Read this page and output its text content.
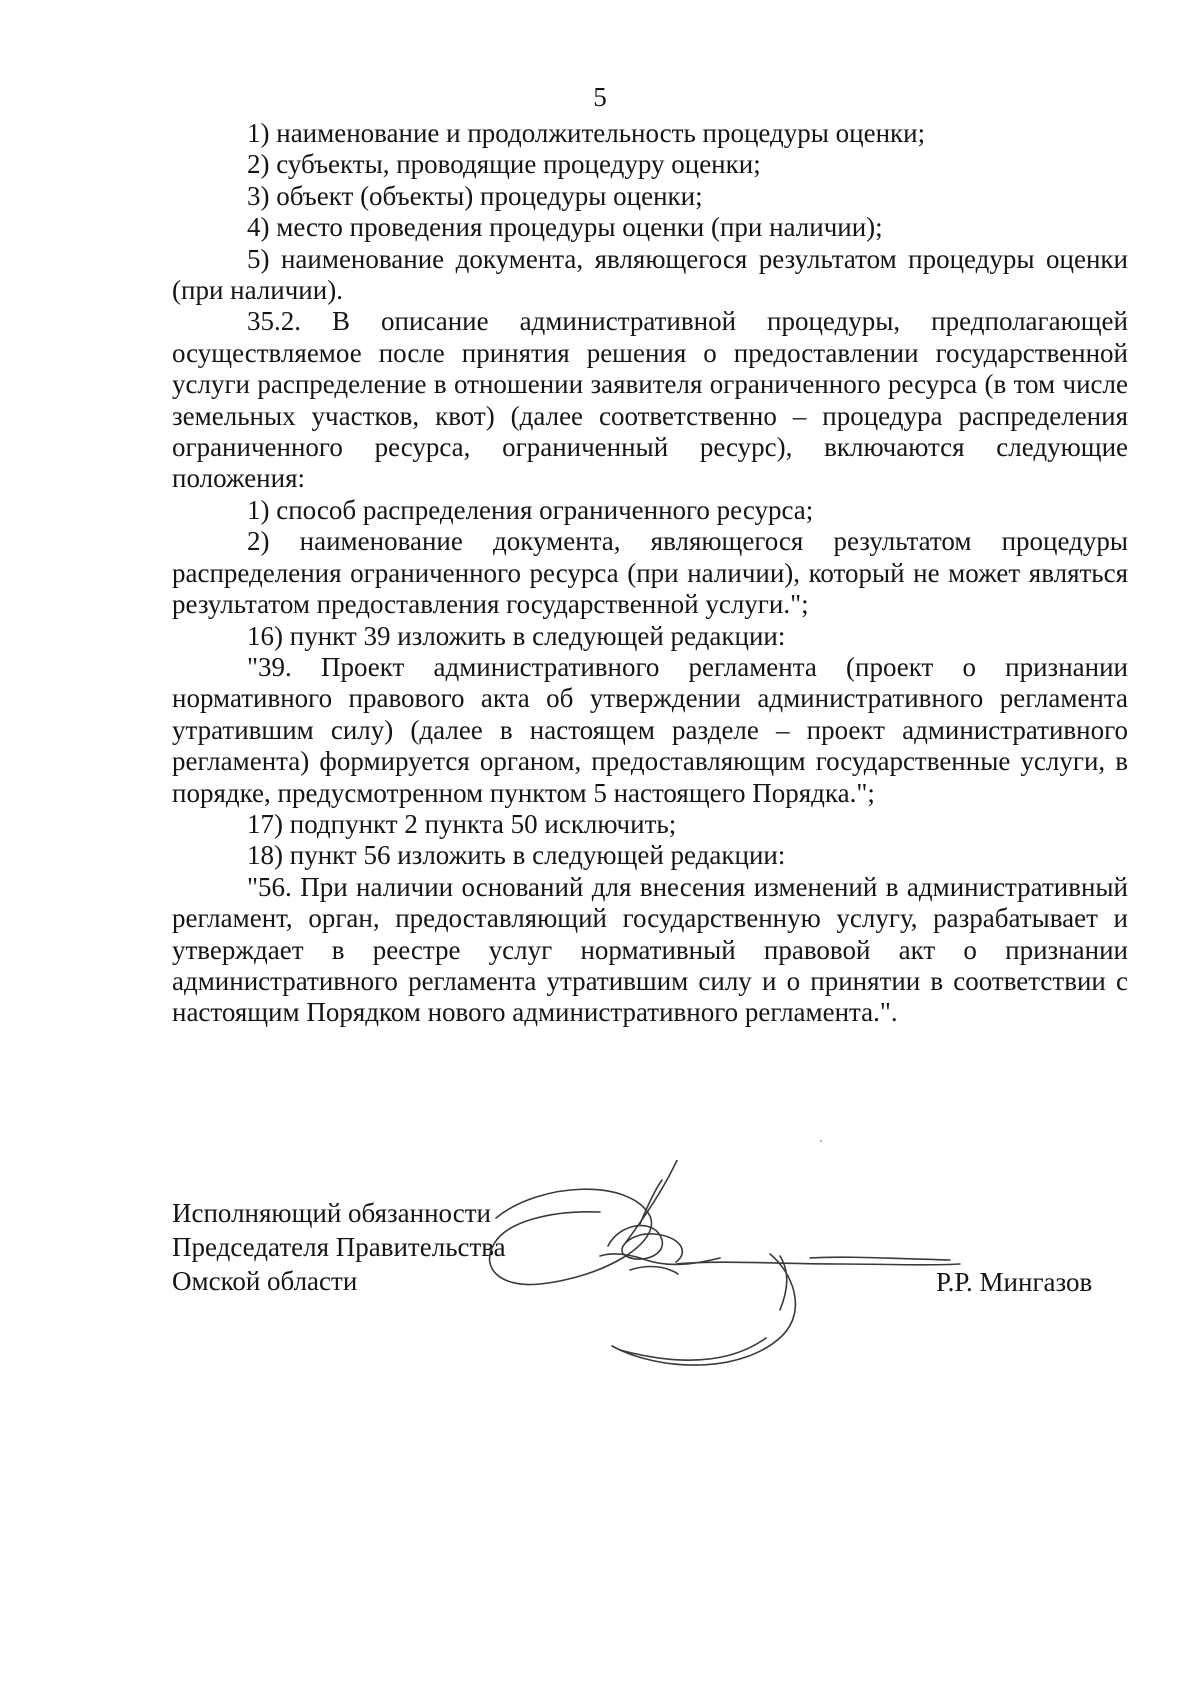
5

1) наименование и продолжительность процедуры оценки;

2) субъекты, проводящие процедуру оценки;

3) объект (объекты) процедуры оценки;

4) место проведения процедуры оценки (при наличии);

5) наименование документа, являющегося результатом процедуры оценки (при наличии).

35.2. В описание административной процедуры, предполагающей осуществляемое после принятия решения о предоставлении государственной услуги распределение в отношении заявителя ограниченного ресурса (в том числе земельных участков, квот) (далее соответственно – процедура распределения ограниченного ресурса, ограниченный ресурс), включаются следующие положения:

1) способ распределения ограниченного ресурса;

2) наименование документа, являющегося результатом процедуры распределения ограниченного ресурса (при наличии), который не может являться результатом предоставления государственной услуги.";

16) пункт 39 изложить в следующей редакции:

"39. Проект административного регламента (проект о признании нормативного правового акта об утверждении административного регламента утратившим силу) (далее в настоящем разделе – проект административного регламента) формируется органом, предоставляющим государственные услуги, в порядке, предусмотренном пунктом 5 настоящего Порядка.";

17) подпункт 2 пункта 50 исключить;

18) пункт 56 изложить в следующей редакции:

"56. При наличии оснований для внесения изменений в административный регламент, орган, предоставляющий государственную услугу, разрабатывает и утверждает в реестре услуг нормативный правовой акт о признании административного регламента утратившим силу и о принятии в соответствии с настоящим Порядком нового административного регламента.".

Исполняющий обязанности
Председателя Правительства
Омской области	Р.Р. Мингазов
